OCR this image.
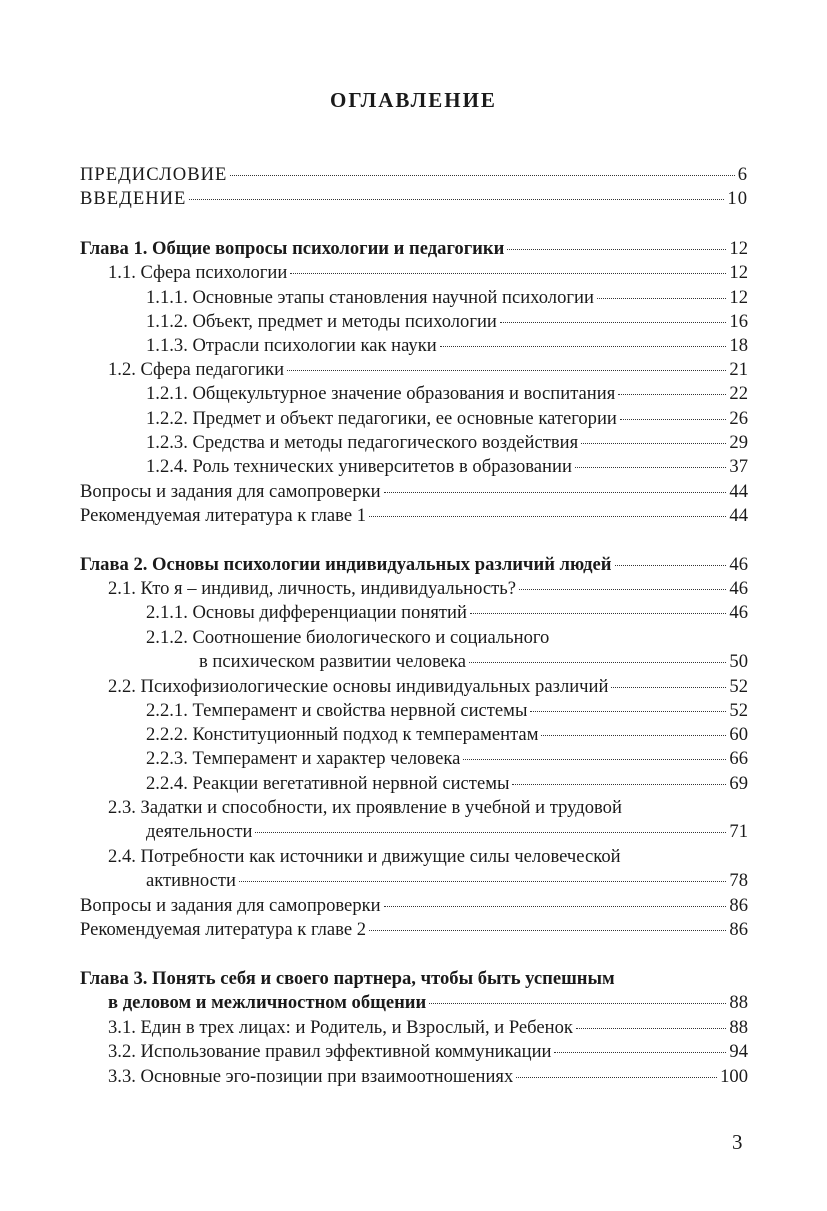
ОГЛАВЛЕНИЕ
ПРЕДИСЛОВИЕ	6
ВВЕДЕНИЕ	10
Глава 1. Общие вопросы психологии и педагогики	12
1.1. Сфера психологии	12
1.1.1. Основные этапы становления научной психологии	12
1.1.2. Объект, предмет и методы психологии	16
1.1.3. Отрасли психологии как науки	18
1.2. Сфера педагогики	21
1.2.1. Общекультурное значение образования и воспитания	22
1.2.2. Предмет и объект педагогики, ее основные категории	26
1.2.3. Средства и методы педагогического воздействия	29
1.2.4. Роль технических университетов в образовании	37
Вопросы и задания для самопроверки	44
Рекомендуемая литература к главе 1	44
Глава 2. Основы психологии индивидуальных различий людей	46
2.1. Кто я – индивид, личность, индивидуальность?	46
2.1.1. Основы дифференциации понятий	46
2.1.2. Соотношение биологического и социального
в психическом развитии человека	50
2.2. Психофизиологические основы индивидуальных различий	52
2.2.1. Темперамент и свойства нервной системы	52
2.2.2. Конституционный подход к темпераментам	60
2.2.3. Темперамент и характер человека	66
2.2.4. Реакции вегетативной нервной системы	69
2.3. Задатки и способности, их проявление в учебной и трудовой
деятельности	71
2.4. Потребности как источники и движущие силы человеческой
активности	78
Вопросы и задания для самопроверки	86
Рекомендуемая литература к главе 2	86
Глава 3. Понять себя и своего партнера, чтобы быть успешным
в деловом и межличностном общении	88
3.1. Един в трех лицах: и Родитель, и Взрослый, и Ребенок	88
3.2. Использование правил эффективной коммуникации	94
3.3. Основные эго-позиции при взаимоотношениях	100
3
